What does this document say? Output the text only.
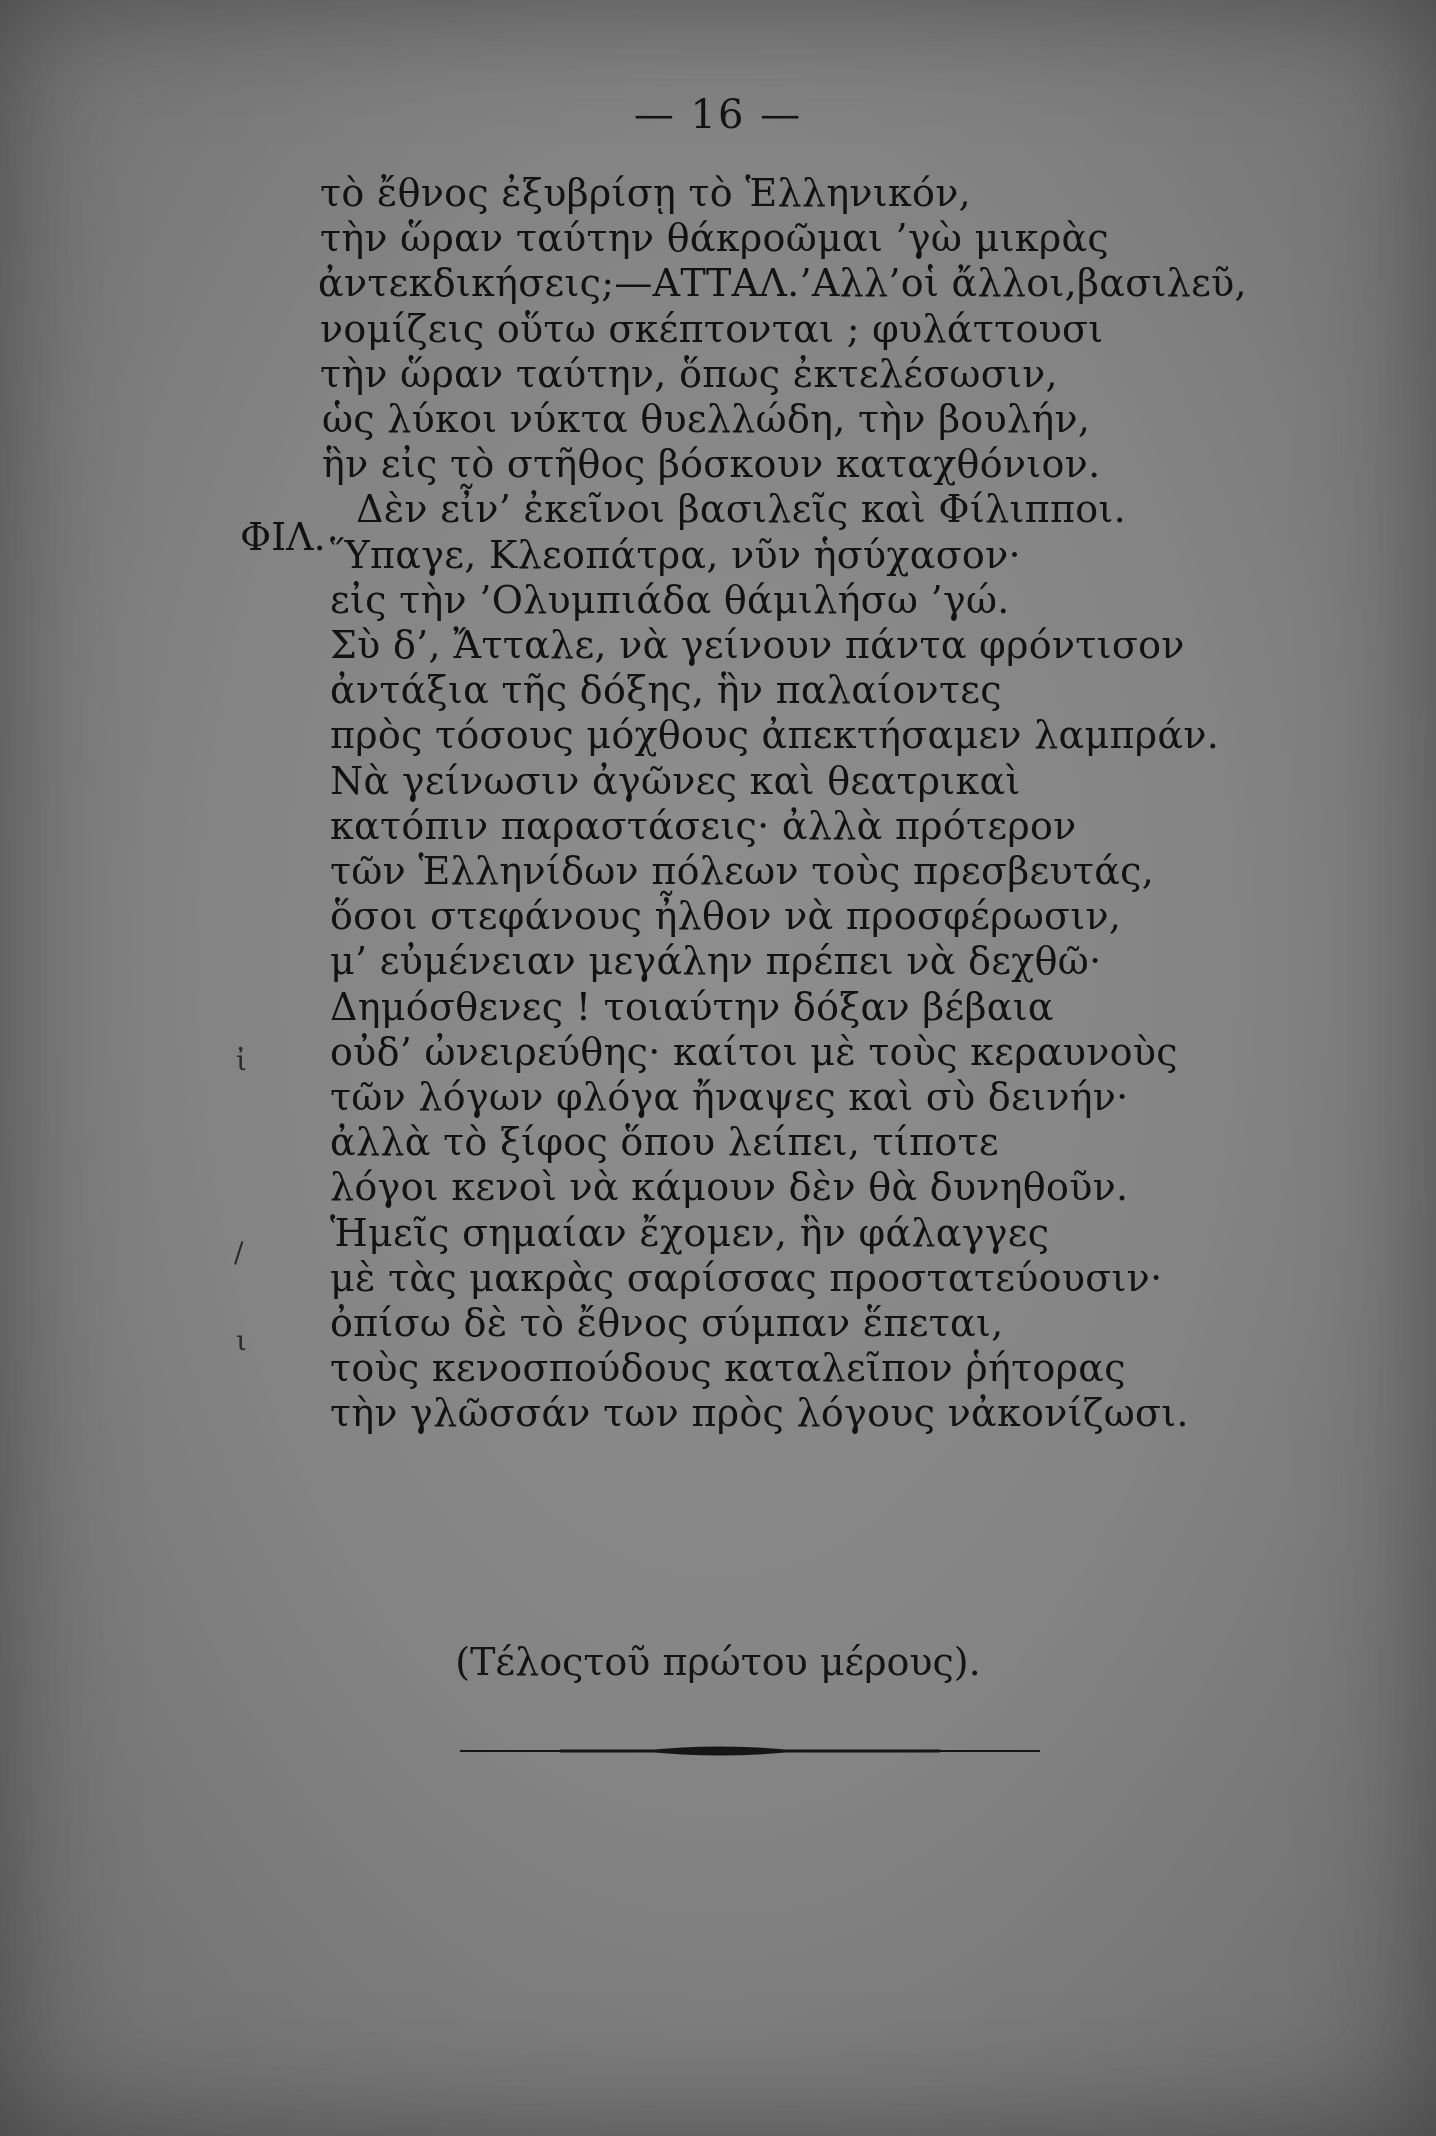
— 16 —
ΦΙΛ.
τὸ ἔθνος ἐξυβρίσῃ τὸ Ἑλληνικόν,
τὴν ὥραν ταύτην θάκροῶμαι ’γὼ μικρὰς
ἀντεκδικήσεις;—ΑΤΤΑΛ.’Αλλ’οἱ ἄλλοι,βασιλεῦ,
νομίζεις οὕτω σκέπτονται ; φυλάττουσι
τὴν ὥραν ταύτην, ὅπως ἐκτελέσωσιν,
ὡς λύκοι νύκτα θυελλώδη, τὴν βουλήν,
ἣν εἰς τὸ στῆθος βόσκουν καταχθόνιον.
Δὲν εἶν’ ἐκεῖνοι βασιλεῖς καὶ Φίλιπποι.
Ὕπαγε, Κλεοπάτρα, νῦν ἡσύχασον·
εἰς τὴν ’Ολυμπιάδα θάμιλήσω ’γώ.
Σὺ δ’, Ἄτταλε, νὰ γείνουν πάντα φρόντισον
ἀντάξια τῆς δόξης, ἣν παλαίοντες
πρὸς τόσους μόχθους ἀπεκτήσαμεν λαμπράν.
Νὰ γείνωσιν ἀγῶνες καὶ θεατρικαὶ
κατόπιν παραστάσεις· ἀλλὰ πρότερον
τῶν Ἑλληνίδων πόλεων τοὺς πρεσβευτάς,
ὅσοι στεφάνους ἦλθον νὰ προσφέρωσιν,
μ’ εὐμένειαν μεγάλην πρέπει νὰ δεχθῶ·
Δημόσθενες ! τοιαύτην δόξαν βέβαια
οὐδ’ ὠνειρεύθης· καίτοι μὲ τοὺς κεραυνοὺς
τῶν λόγων φλόγα ἤναψες καὶ σὺ δεινήν·
ἀλλὰ τὸ ξίφος ὅπου λείπει, τίποτε
λόγοι κενοὶ νὰ κάμουν δὲν θὰ δυνηθοῦν.
Ἡμεῖς σημαίαν ἔχομεν, ἣν φάλαγγες
μὲ τὰς μακρὰς σαρίσσας προστατεύουσιν·
ὀπίσω δὲ τὸ ἔθνος σύμπαν ἕπεται,
τοὺς κενοσπούδους καταλεῖπον ῥήτορας
τὴν γλῶσσάν των πρὸς λόγους νἀκονίζωσι.
ἰ
/
ι
(Τέλοςτοῦ πρώτου μέρους).
